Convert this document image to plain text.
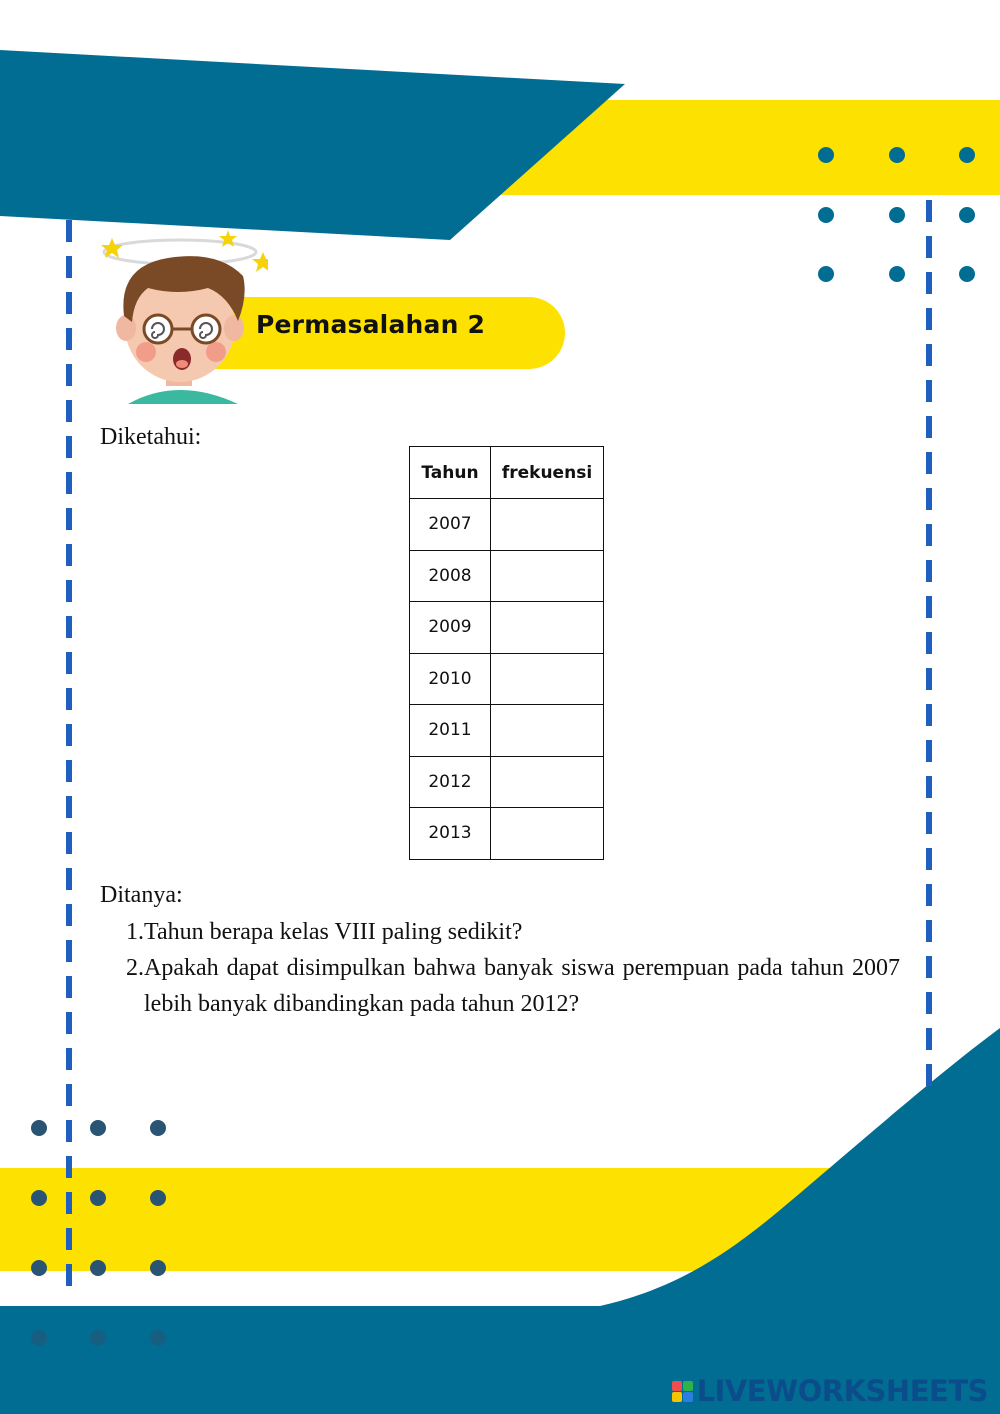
Permasalahan 2
Diketahui:
Tahun	frekuensi
2007	
2008	
2009	
2010	
2011	
2012	
2013	
Ditanya:
1. Tahun berapa kelas VIII paling sedikit?
2. Apakah dapat disimpulkan bahwa banyak siswa perempuan pada tahun 2007 lebih banyak dibandingkan pada tahun 2012?
LIVEWORKSHEETS
